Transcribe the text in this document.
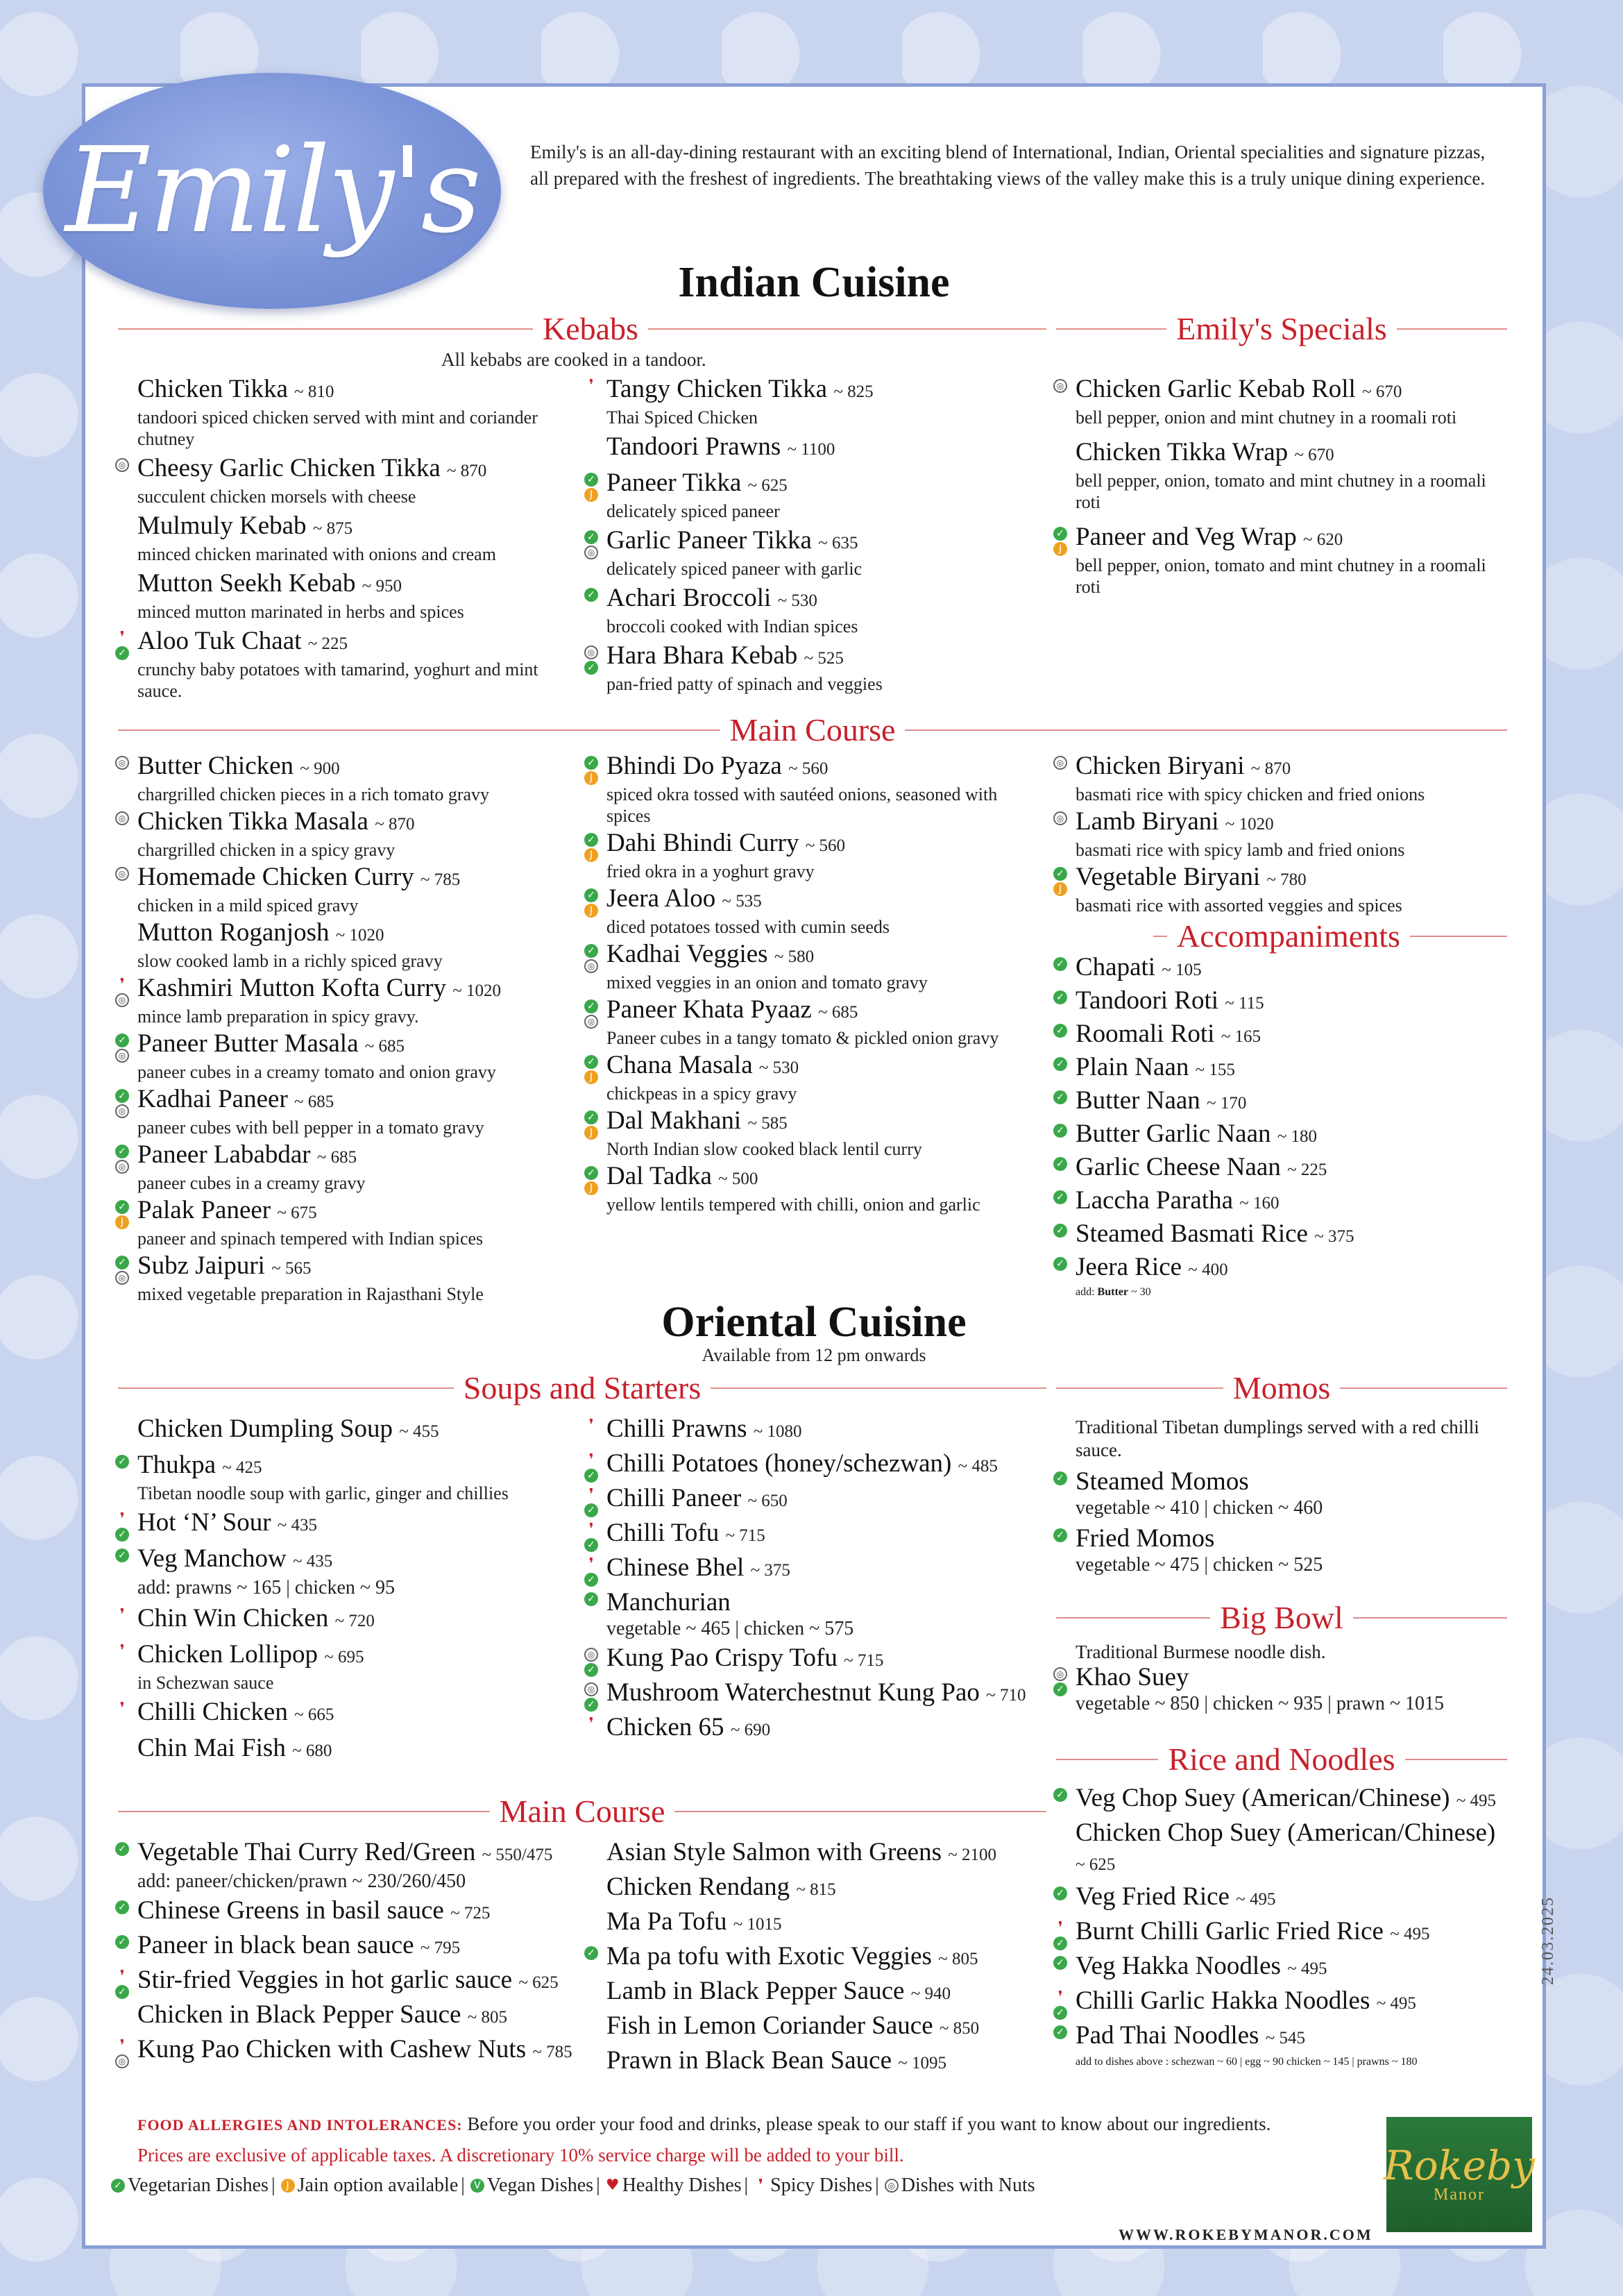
Emily's	Emily's is an all-day-dining restaurant with an exciting blend of International, Indian, Oriental specialities and signature pizzas, all prepared with the freshest of ingredients. The breathtaking views of the valley make this is a truly unique dining experience.
Indian Cuisine
Kebabs
All kebabs are cooked in a tandoor.
Emily's Specials
Chicken Tikka ~ 810
tandoori spiced chicken served with mint and coriander chutney
◎ Cheesy Garlic Chicken Tikka ~ 870
succulent chicken morsels with cheese
Mulmuly Kebab ~ 875
minced chicken marinated with onions and cream
Mutton Seekh Kebab ~ 950
minced mutton marinated in herbs and spices
❜
✓ Aloo Tuk Chaat ~ 225
crunchy baby potatoes with tamarind, yoghurt and mint sauce.
❜ Tangy Chicken Tikka ~ 825
Thai Spiced Chicken
Tandoori Prawns ~ 1100
✓
J Paneer Tikka ~ 625
delicately spiced paneer
✓
◎ Garlic Paneer Tikka ~ 635
delicately spiced paneer with garlic
✓ Achari Broccoli ~ 530
broccoli cooked with Indian spices
◎
✓ Hara Bhara Kebab ~ 525
pan-fried patty of spinach and veggies
◎ Chicken Garlic Kebab Roll ~ 670
bell pepper, onion and mint chutney in a roomali roti
Chicken Tikka Wrap ~ 670
bell pepper, onion, tomato and mint chutney in a roomali roti
✓
J Paneer and Veg Wrap ~ 620
bell pepper, onion, tomato and mint chutney in a roomali roti
Main Course
◎ Butter Chicken ~ 900
chargrilled chicken pieces in a rich tomato gravy
◎ Chicken Tikka Masala ~ 870
chargrilled chicken in a spicy gravy
◎ Homemade Chicken Curry ~ 785
chicken in a mild spiced gravy
Mutton Roganjosh ~ 1020
slow cooked lamb in a richly spiced gravy
❜
◎ Kashmiri Mutton Kofta Curry ~ 1020
mince lamb preparation in spicy gravy.
✓
◎ Paneer Butter Masala ~ 685
paneer cubes in a creamy tomato and onion gravy
✓
◎ Kadhai Paneer ~ 685
paneer cubes with bell pepper in a tomato gravy
✓
◎ Paneer Lababdar ~ 685
paneer cubes in a creamy gravy
✓
J Palak Paneer ~ 675
paneer and spinach tempered with Indian spices
✓
◎ Subz Jaipuri ~ 565
mixed vegetable preparation in Rajasthani Style
✓
J Bhindi Do Pyaza ~ 560
spiced okra tossed with sautéed onions, seasoned with spices
✓
J Dahi Bhindi Curry ~ 560
fried okra in a yoghurt gravy
✓
J Jeera Aloo ~ 535
diced potatoes tossed with cumin seeds
✓
◎ Kadhai Veggies ~ 580
mixed veggies in an onion and tomato gravy
✓
◎ Paneer Khata Pyaaz ~ 685
Paneer cubes in a tangy tomato & pickled onion gravy
✓
J Chana Masala ~ 530
chickpeas in a spicy gravy
✓
J Dal Makhani ~ 585
North Indian slow cooked black lentil curry
✓
J Dal Tadka ~ 500
yellow lentils tempered with chilli, onion and garlic
◎ Chicken Biryani ~ 870
basmati rice with spicy chicken and fried onions
◎ Lamb Biryani ~ 1020
basmati rice with spicy lamb and fried onions
✓
J Vegetable Biryani ~ 780
basmati rice with assorted veggies and spices
Accompaniments
✓ Chapati ~ 105
✓ Tandoori Roti ~ 115
✓ Roomali Roti ~ 165
✓ Plain Naan ~ 155
✓ Butter Naan ~ 170
✓ Butter Garlic Naan ~ 180
✓ Garlic Cheese Naan ~ 225
✓ Laccha Paratha ~ 160
✓ Steamed Basmati Rice ~ 375
✓ Jeera Rice ~ 400
add: Butter ~ 30
Oriental Cuisine
Available from 12 pm onwards
Soups and Starters	Momos
Chicken Dumpling Soup ~ 455
✓ Thukpa ~ 425
Tibetan noodle soup with garlic, ginger and chillies
❜
✓ Hot ‘N’ Sour ~ 435
✓ Veg Manchow ~ 435
add: prawns ~ 165 | chicken ~ 95
❜ Chin Win Chicken ~ 720
❜ Chicken Lollipop ~ 695
in Schezwan sauce
❜ Chilli Chicken ~ 665
Chin Mai Fish ~ 680
❜ Chilli Prawns ~ 1080
❜
✓ Chilli Potatoes (honey/schezwan) ~ 485
❜
✓ Chilli Paneer ~ 650
❜
✓ Chilli Tofu ~ 715
❜
✓ Chinese Bhel ~ 375
✓ Manchurian
vegetable ~ 465 | chicken ~ 575
◎
✓ Kung Pao Crispy Tofu ~ 715
◎
✓ Mushroom Waterchestnut Kung Pao ~ 710
❜ Chicken 65 ~ 690
Traditional Tibetan dumplings served with a red chilli sauce.
✓ Steamed Momos
vegetable ~ 410 | chicken ~ 460
✓ Fried Momos
vegetable ~ 475 | chicken ~ 525
Big Bowl
Traditional Burmese noodle dish.
◎
✓ Khao Suey
vegetable ~ 850 | chicken ~ 935 | prawn ~ 1015
Rice and Noodles
✓ Veg Chop Suey (American/Chinese) ~ 495
Chicken Chop Suey (American/Chinese) ~ 625
✓ Veg Fried Rice ~ 495
❜
✓ Burnt Chilli Garlic Fried Rice ~ 495
✓ Veg Hakka Noodles ~ 495
❜
✓ Chilli Garlic Hakka Noodles ~ 495
✓ Pad Thai Noodles ~ 545
add to dishes above : schezwan ~ 60 | egg ~ 90 chicken ~ 145 | prawns ~ 180
Main Course
✓ Vegetable Thai Curry Red/Green ~ 550/475
add: paneer/chicken/prawn ~ 230/260/450
✓ Chinese Greens in basil sauce ~ 725
✓ Paneer in black bean sauce ~ 795
❜
✓ Stir-fried Veggies in hot garlic sauce ~ 625
Chicken in Black Pepper Sauce ~ 805
❜
◎ Kung Pao Chicken with Cashew Nuts ~ 785
Asian Style Salmon with Greens ~ 2100
Chicken Rendang ~ 815
Ma Pa Tofu ~ 1015
✓ Ma pa tofu with Exotic Veggies ~ 805
Lamb in Black Pepper Sauce ~ 940
Fish in Lemon Coriander Sauce ~ 850
Prawn in Black Bean Sauce ~ 1095
FOOD ALLERGIES AND INTOLERANCES: Before you order your food and drinks, please speak to our staff if you want to know about our ingredients.
Prices are exclusive of applicable taxes. A discretionary 10% service charge will be added to your bill.
✓ Vegetarian Dishes |	J Jain option available | V Vegan Dishes | ♥ Healthy Dishes | ❜ Spicy Dishes |	◎ Dishes with Nuts	Rokeby
Manor
WWW.ROKEBYMANOR.COM
24.03.2025
